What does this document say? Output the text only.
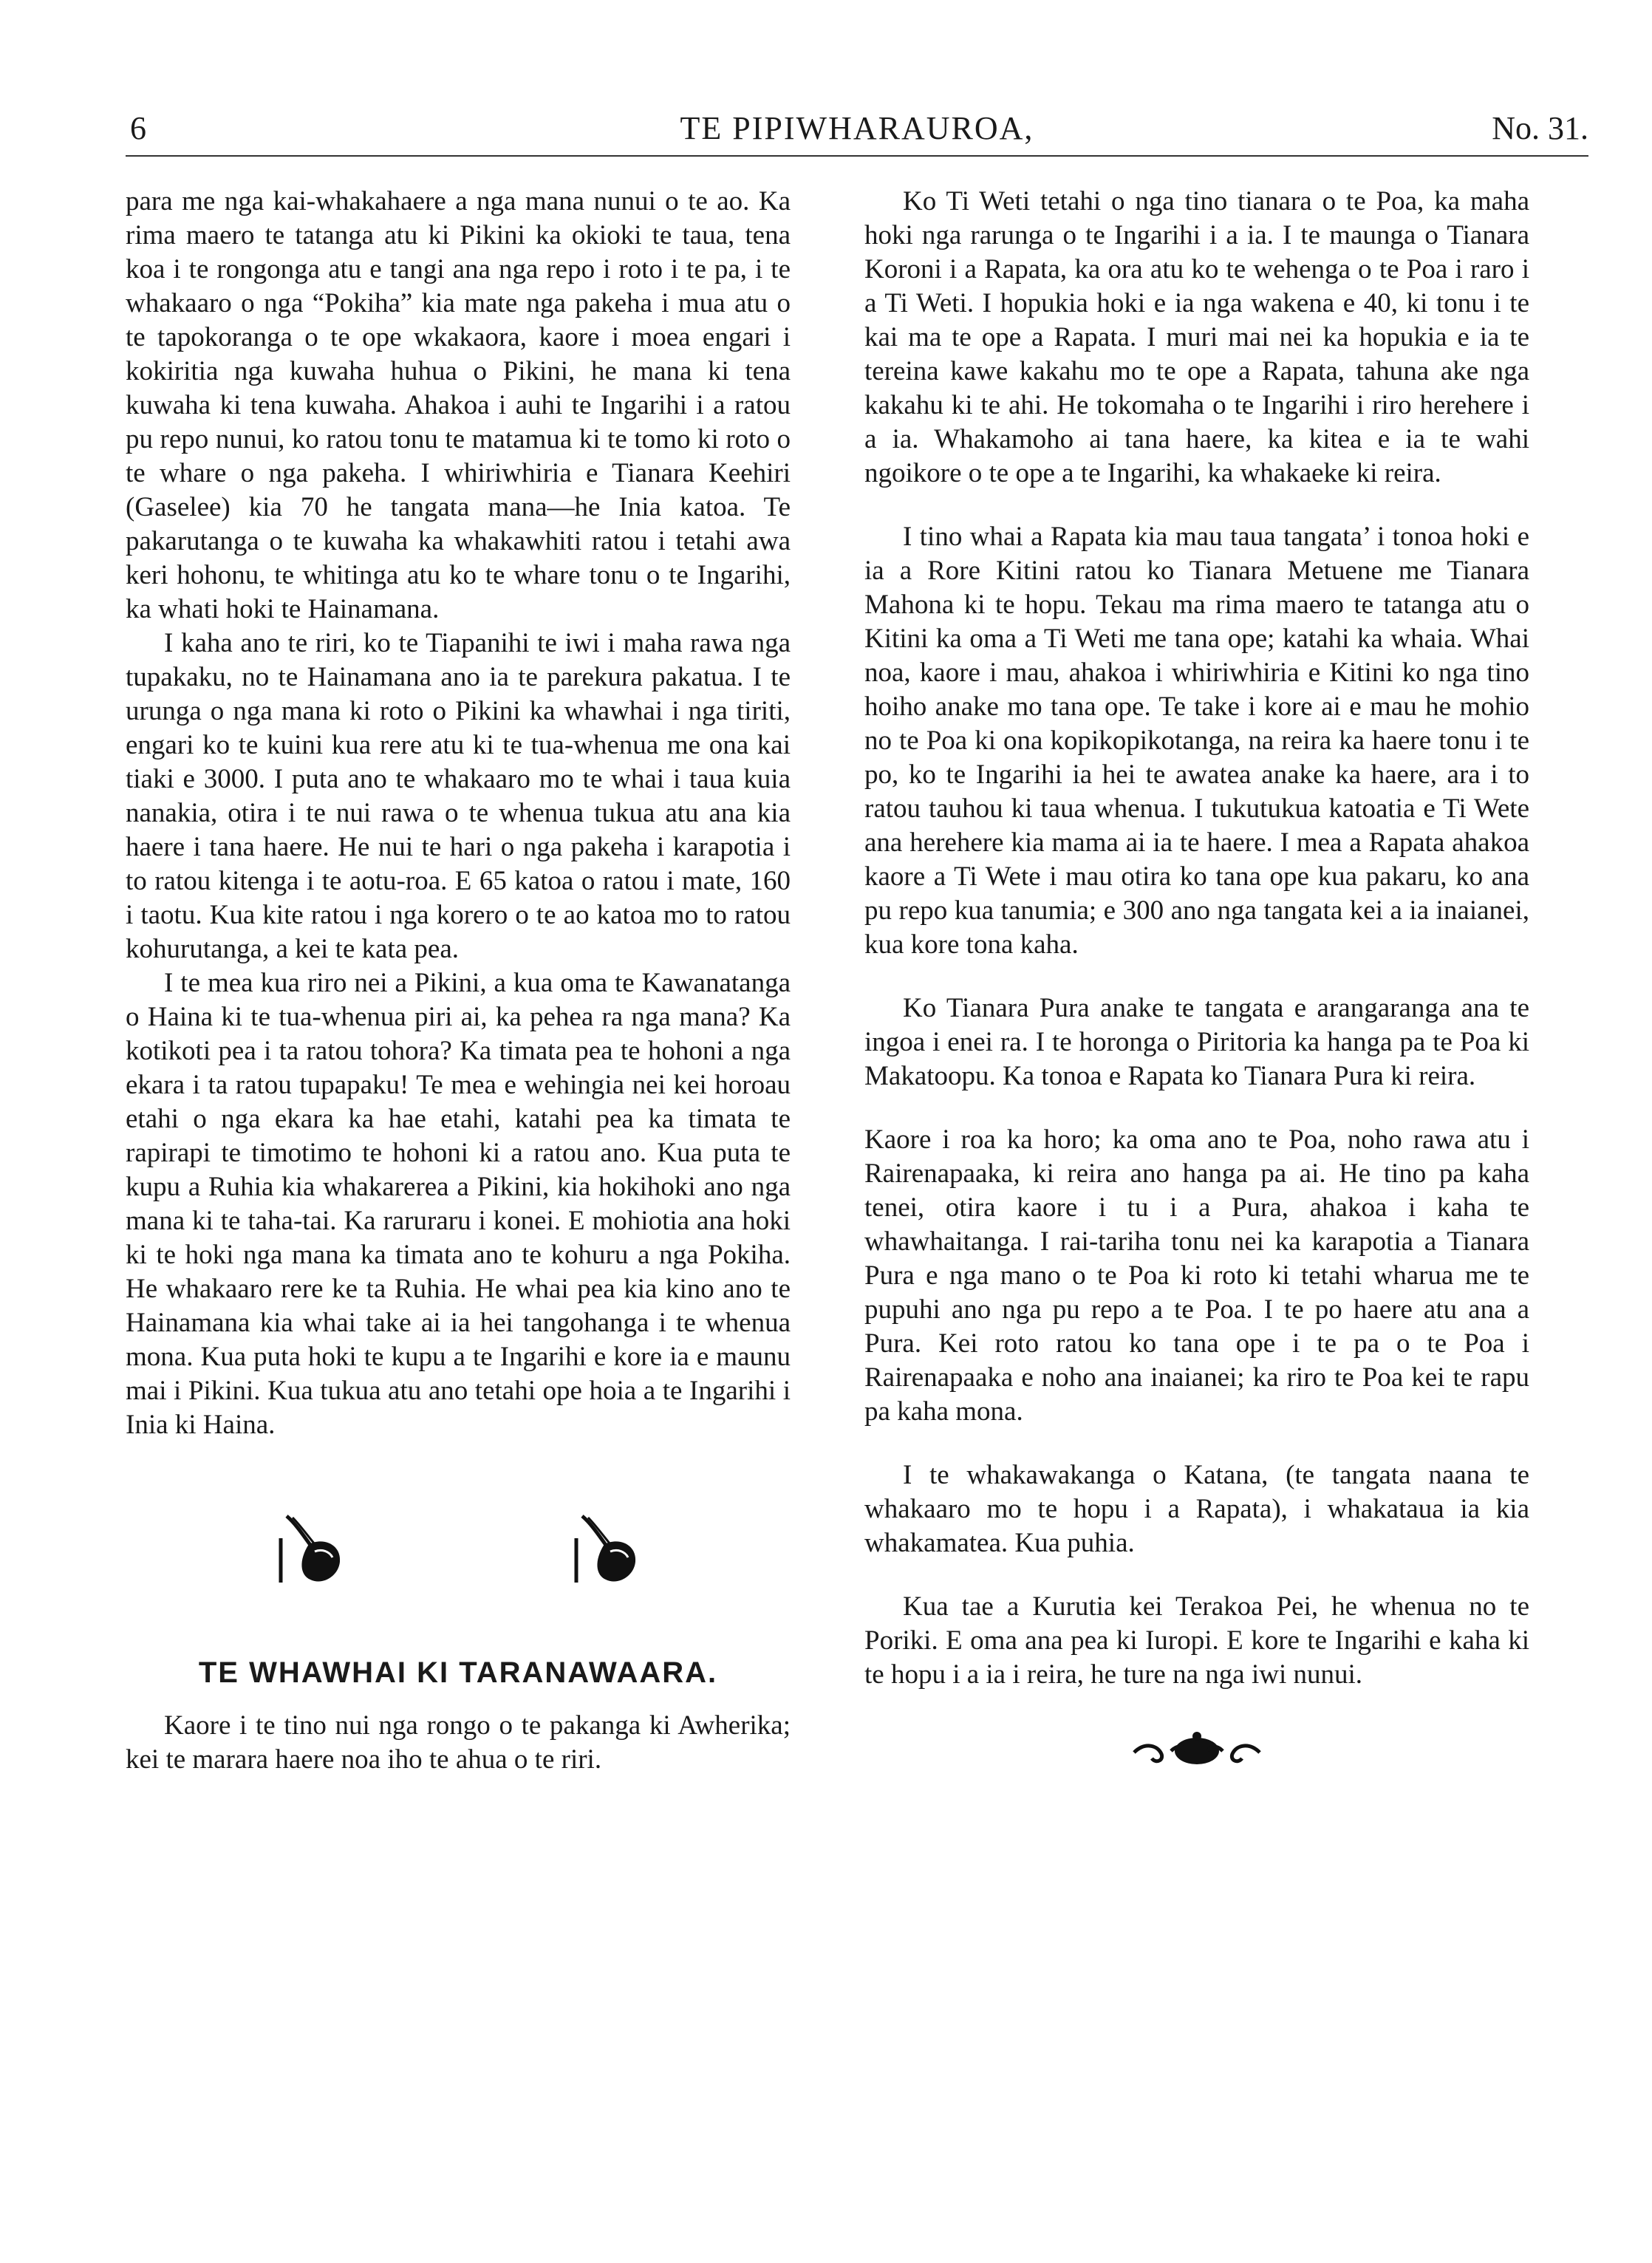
6	TE PIPIWHARAUROA,	No. 31.

para me nga kai-whakahaere a nga mana nunui o te ao. Ka rima maero te tatanga atu ki Pikini ka okioki te taua, tena koa i te rongonga atu e tangi ana nga repo i roto i te pa, i te whakaaro o nga “Pokiha” kia mate nga pakeha i mua atu o te tapokoranga o te ope wkakaora, kaore i moea engari i kokiritia nga kuwaha huhua o Pikini, he mana ki tena kuwaha ki tena kuwaha. Ahakoa i auhi te Ingarihi i a ratou pu repo nunui, ko ratou tonu te matamua ki te tomo ki roto o te whare o nga pakeha. I whiriwhiria e Tianara Keehiri (Gaselee) kia 70 he tangata mana—he Inia katoa. Te pakarutanga o te kuwaha ka whakawhiti ratou i tetahi awa keri hohonu, te whitinga atu ko te whare tonu o te Ingarihi, ka whati hoki te Hainamana.

I kaha ano te riri, ko te Tiapanihi te iwi i maha rawa nga tupakaku, no te Hainamana ano ia te parekura pakatua. I te urunga o nga mana ki roto o Pikini ka whawhai i nga tiriti, engari ko te kuini kua rere atu ki te tua-whenua me ona kai tiaki e 3000. I puta ano te whakaaro mo te whai i taua kuia nanakia, otira i te nui rawa o te whenua tukua atu ana kia haere i tana haere. He nui te hari o nga pakeha i karapotia i to ratou kitenga i te aotu-roa. E 65 katoa o ratou i mate, 160 i taotu. Kua kite ratou i nga korero o te ao katoa mo to ratou kohurutanga, a kei te kata pea.

I te mea kua riro nei a Pikini, a kua oma te Kawanatanga o Haina ki te tua-whenua piri ai, ka pehea ra nga mana? Ka kotikoti pea i ta ratou tohora? Ka timata pea te hohoni a nga ekara i ta ratou tupapaku! Te mea e wehingia nei kei horoau etahi o nga ekara ka hae etahi, katahi pea ka timata te rapirapi te timotimo te hohoni ki a ratou ano. Kua puta te kupu a Ruhia kia whakarerea a Pikini, kia hokihoki ano nga mana ki te taha-tai. Ka raruraru i konei. E mohiotia ana hoki ki te hoki nga mana ka timata ano te kohuru a nga Pokiha. He whakaaro rere ke ta Ruhia. He whai pea kia kino ano te Hainamana kia whai take ai ia hei tangohanga i te whenua mona. Kua puta hoki te kupu a te Ingarihi e kore ia e maunu mai i Pikini. Kua tukua atu ano tetahi ope hoia a te Ingarihi i Inia ki Haina.

TE WHAWHAI KI TARANAWAARA.

Kaore i te tino nui nga rongo o te pakanga ki Awherika; kei te marara haere noa iho te ahua o te riri.

Ko Ti Weti tetahi o nga tino tianara o te Poa, ka maha hoki nga rarunga o te Ingarihi i a ia. I te maunga o Tianara Koroni i a Rapata, ka ora atu ko te wehenga o te Poa i raro i a Ti Weti. I hopukia hoki e ia nga wakena e 40, ki tonu i te kai ma te ope a Rapata. I muri mai nei ka hopukia e ia te tereina kawe kakahu mo te ope a Rapata, tahuna ake nga kakahu ki te ahi. He tokomaha o te Ingarihi i riro herehere i a ia. Whakamoho ai tana haere, ka kitea e ia te wahi ngoikore o te ope a te Ingarihi, ka whakaeke ki reira.

I tino whai a Rapata kia mau taua tangata’ i tonoa hoki e ia a Rore Kitini ratou ko Tianara Metuene me Tianara Mahona ki te hopu. Tekau ma rima maero te tatanga atu o Kitini ka oma a Ti Weti me tana ope; katahi ka whaia. Whai noa, kaore i mau, ahakoa i whiriwhiria e Kitini ko nga tino hoiho anake mo tana ope. Te take i kore ai e mau he mohio no te Poa ki ona kopikopikotanga, na reira ka haere tonu i te po, ko te Ingarihi ia hei te awatea anake ka haere, ara i to ratou tauhou ki taua whenua. I tukutukua katoatia e Ti Wete ana herehere kia mama ai ia te haere. I mea a Rapata ahakoa kaore a Ti Wete i mau otira ko tana ope kua pakaru, ko ana pu repo kua tanumia; e 300 ano nga tangata kei a ia inaianei, kua kore tona kaha.

Ko Tianara Pura anake te tangata e arangaranga ana te ingoa i enei ra. I te horonga o Piritoria ka hanga pa te Poa ki Makatoopu. Ka tonoa e Rapata ko Tianara Pura ki reira.

Kaore i roa ka horo; ka oma ano te Poa, noho rawa atu i Rairenapaaka, ki reira ano hanga pa ai. He tino pa kaha tenei, otira kaore i tu i a Pura, ahakoa i kaha te whawhaitanga. I rai-tariha tonu nei ka karapotia a Tianara Pura e nga mano o te Poa ki roto ki tetahi wharua me te pupuhi ano nga pu repo a te Poa. I te po haere atu ana a Pura. Kei roto ratou ko tana ope i te pa o te Poa i Rairenapaaka e noho ana inaianei; ka riro te Poa kei te rapu pa kaha mona.

I te whakawakanga o Katana, (te tangata naana te whakaaro mo te hopu i a Rapata), i whakataua ia kia whakamatea. Kua puhia.

Kua tae a Kurutia kei Terakoa Pei, he whenua no te Poriki. E oma ana pea ki Iuropi. E kore te Ingarihi e kaha ki te hopu i a ia i reira, he ture na nga iwi nunui.
